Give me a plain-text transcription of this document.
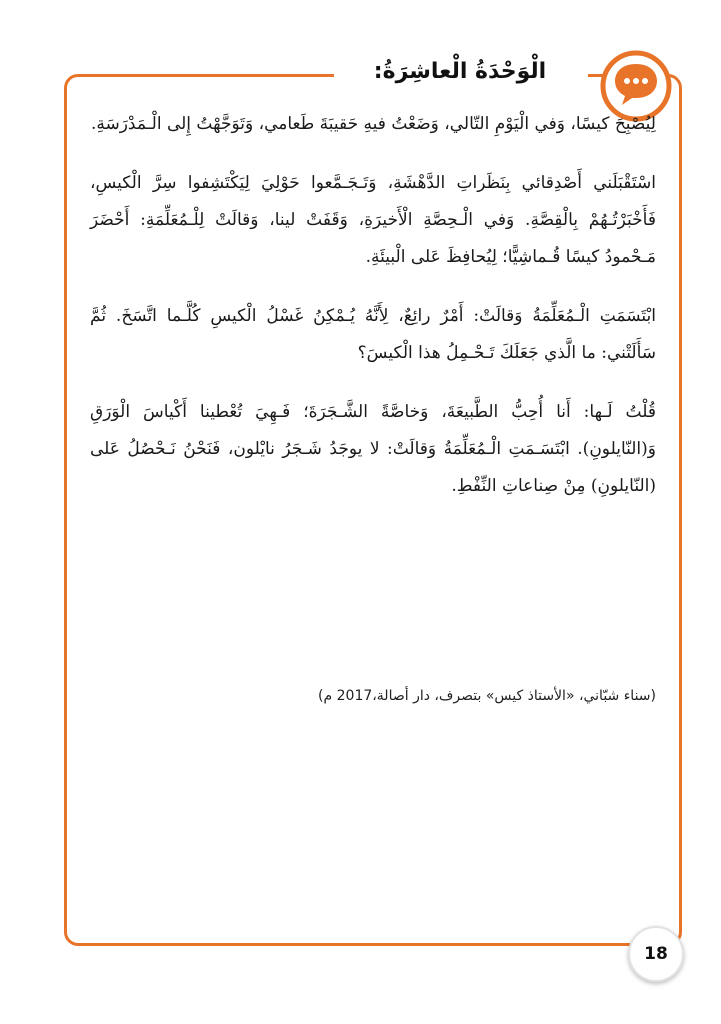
الْوَحْدَةُ الْعاشِرَةُ:

لِيُصْبِحَ كيسًا، وَفي الْيَوْمِ التّالي، وَضَعْتُ فيهِ حَقيبَةَ طَعامي، وَتَوَجَّهْتُ إِلى الْـمَدْرَسَةِ.

اسْتَقْبَلَني أَصْدِقائي بِنَظَراتِ الدَّهْشَةِ، وَتَـجَـمَّعوا حَوْلِيَ لِيَكْتَشِفوا سِرَّ الْكيسِ، فَأَخْبَرْتُـهُمْ بِالْقِصَّةِ. وَفي الْـحِصَّةِ الْأَخيرَةِ، وَقَفَتْ لينا، وَقالَتْ لِلْـمُعَلِّمَةِ: أَحْضَرَ مَـحْمودُ كيسًا قُـماشِيًّا؛ لِيُحافِظَ عَلى الْبيئَةِ.

ابْتَسَمَتِ الْـمُعَلِّمَةُ وَقالَتْ: أَمْرٌ رائِعٌ، لِأَنَّهُ يُـمْكِنُ غَسْلُ الْكيسِ كُلَّـما اتَّسَخَ. ثُمَّ سَأَلَتْني: ما الَّذي جَعَلَكَ تَـحْـمِلُ هذا الْكيسَ؟

قُلْتُ لَـها: أَنا أُحِبُّ الطَّبيعَةَ، وَخاصَّةً الشَّـجَرَةَ؛ فَـهِيَ تُعْطينا أَكْياسَ الْوَرَقِ وَ(النّايلونِ). ابْتَسَـمَتِ الْـمُعَلِّمَةُ وَقالَتْ: لا يوجَدُ شَـجَرُ نايْلون، فَنَحْنُ نَـحْصُلُ عَلى (النّايلونِ) مِنْ صِناعاتِ النِّفْطِ.

(سناء شبّاني، «الأستاذ كيس» بتصرف، دار أصالة،2017 م)
18
